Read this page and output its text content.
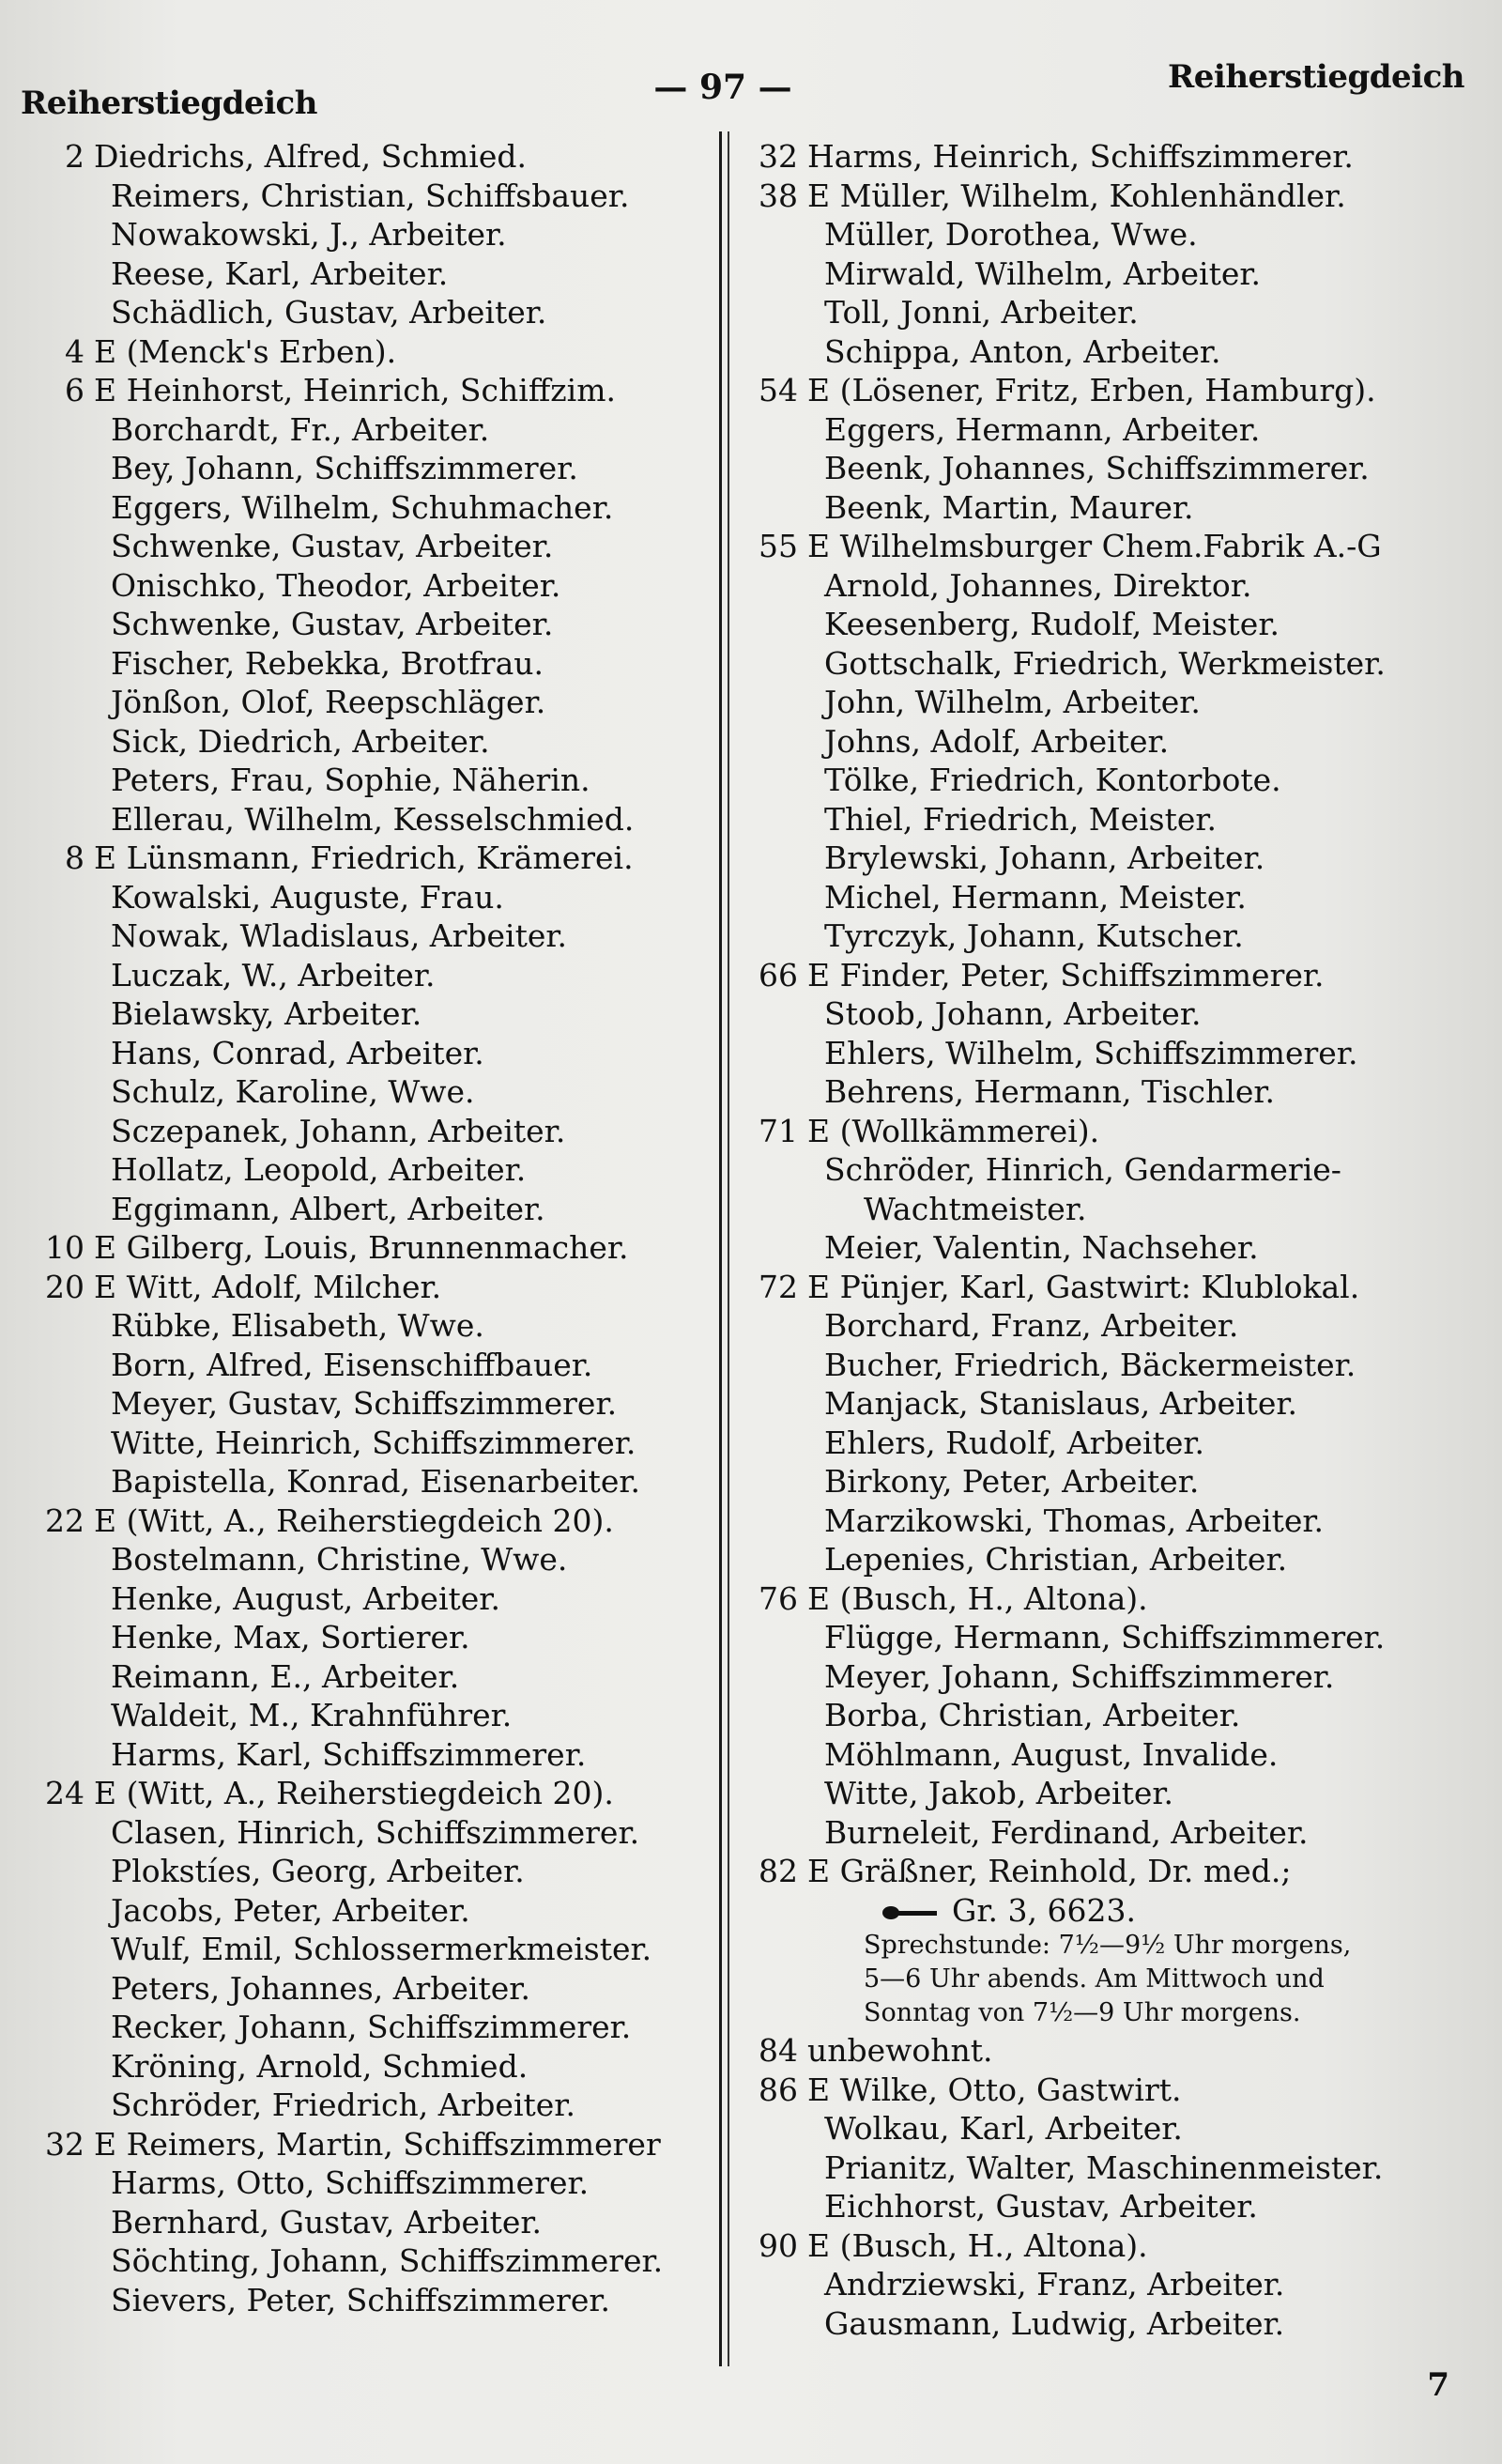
Reiherstiegdeich	— 97 —	Reiherstiegdeich
2 Diedrichs, Alfred, Schmied.
Reimers, Christian, Schiffsbauer.
Nowakowski, J., Arbeiter.
Reese, Karl, Arbeiter.
Schädlich, Gustav, Arbeiter.
4 E (Menck's Erben).
6 E Heinhorst, Heinrich, Schiffzim.
Borchardt, Fr., Arbeiter.
Bey, Johann, Schiffszimmerer.
Eggers, Wilhelm, Schuhmacher.
Schwenke, Gustav, Arbeiter.
Onischko, Theodor, Arbeiter.
Schwenke, Gustav, Arbeiter.
Fischer, Rebekka, Brotfrau.
Jönßon, Olof, Reepschläger.
Sick, Diedrich, Arbeiter.
Peters, Frau, Sophie, Näherin.
Ellerau, Wilhelm, Kesselschmied.
8 E Lünsmann, Friedrich, Krämerei.
Kowalski, Auguste, Frau.
Nowak, Wladislaus, Arbeiter.
Luczak, W., Arbeiter.
Bielawsky, Arbeiter.
Hans, Conrad, Arbeiter.
Schulz, Karoline, Wwe.
Sczepanek, Johann, Arbeiter.
Hollatz, Leopold, Arbeiter.
Eggimann, Albert, Arbeiter.
10 E Gilberg, Louis, Brunnenmacher.
20 E Witt, Adolf, Milcher.
Rübke, Elisabeth, Wwe.
Born, Alfred, Eisenschiffbauer.
Meyer, Gustav, Schiffszimmerer.
Witte, Heinrich, Schiffszimmerer.
Bapistella, Konrad, Eisenarbeiter.
22 E (Witt, A., Reiherstiegdeich 20).
Bostelmann, Christine, Wwe.
Henke, August, Arbeiter.
Henke, Max, Sortierer.
Reimann, E., Arbeiter.
Waldeit, M., Krahnführer.
Harms, Karl, Schiffszimmerer.
24 E (Witt, A., Reiherstiegdeich 20).
Clasen, Hinrich, Schiffszimmerer.
Plokstíes, Georg, Arbeiter.
Jacobs, Peter, Arbeiter.
Wulf, Emil, Schlossermerkmeister.
Peters, Johannes, Arbeiter.
Recker, Johann, Schiffszimmerer.
Kröning, Arnold, Schmied.
Schröder, Friedrich, Arbeiter.
32 E Reimers, Martin, Schiffszimmerer
Harms, Otto, Schiffszimmerer.
Bernhard, Gustav, Arbeiter.
Söchting, Johann, Schiffszimmerer.
Sievers, Peter, Schiffszimmerer.
32 Harms, Heinrich, Schiffszimmerer.
38 E Müller, Wilhelm, Kohlenhändler.
Müller, Dorothea, Wwe.
Mirwald, Wilhelm, Arbeiter.
Toll, Jonni, Arbeiter.
Schippa, Anton, Arbeiter.
54 E (Lösener, Fritz, Erben, Hamburg).
Eggers, Hermann, Arbeiter.
Beenk, Johannes, Schiffszimmerer.
Beenk, Martin, Maurer.
55 E Wilhelmsburger Chem.Fabrik A.-G
Arnold, Johannes, Direktor.
Keesenberg, Rudolf, Meister.
Gottschalk, Friedrich, Werkmeister.
John, Wilhelm, Arbeiter.
Johns, Adolf, Arbeiter.
Tölke, Friedrich, Kontorbote.
Thiel, Friedrich, Meister.
Brylewski, Johann, Arbeiter.
Michel, Hermann, Meister.
Tyrczyk, Johann, Kutscher.
66 E Finder, Peter, Schiffszimmerer.
Stoob, Johann, Arbeiter.
Ehlers, Wilhelm, Schiffszimmerer.
Behrens, Hermann, Tischler.
71 E (Wollkämmerei).
Schröder, Hinrich, Gendarmerie-
Wachtmeister.
Meier, Valentin, Nachseher.
72 E Pünjer, Karl, Gastwirt: Klublokal.
Borchard, Franz, Arbeiter.
Bucher, Friedrich, Bäckermeister.
Manjack, Stanislaus, Arbeiter.
Ehlers, Rudolf, Arbeiter.
Birkony, Peter, Arbeiter.
Marzikowski, Thomas, Arbeiter.
Lepenies, Christian, Arbeiter.
76 E (Busch, H., Altona).
Flügge, Hermann, Schiffszimmerer.
Meyer, Johann, Schiffszimmerer.
Borba, Christian, Arbeiter.
Möhlmann, August, Invalide.
Witte, Jakob, Arbeiter.
Burneleit, Ferdinand, Arbeiter.
82 E Gräßner, Reinhold, Dr. med.;
Gr. 3, 6623.
Sprechstunde: 7½—9½ Uhr morgens,
5—6 Uhr abends. Am Mittwoch und
Sonntag von 7½—9 Uhr morgens.
84 unbewohnt.
86 E Wilke, Otto, Gastwirt.
Wolkau, Karl, Arbeiter.
Prianitz, Walter, Maschinenmeister.
Eichhorst, Gustav, Arbeiter.
90 E (Busch, H., Altona).
Andrziewski, Franz, Arbeiter.
Gausmann, Ludwig, Arbeiter.
7
